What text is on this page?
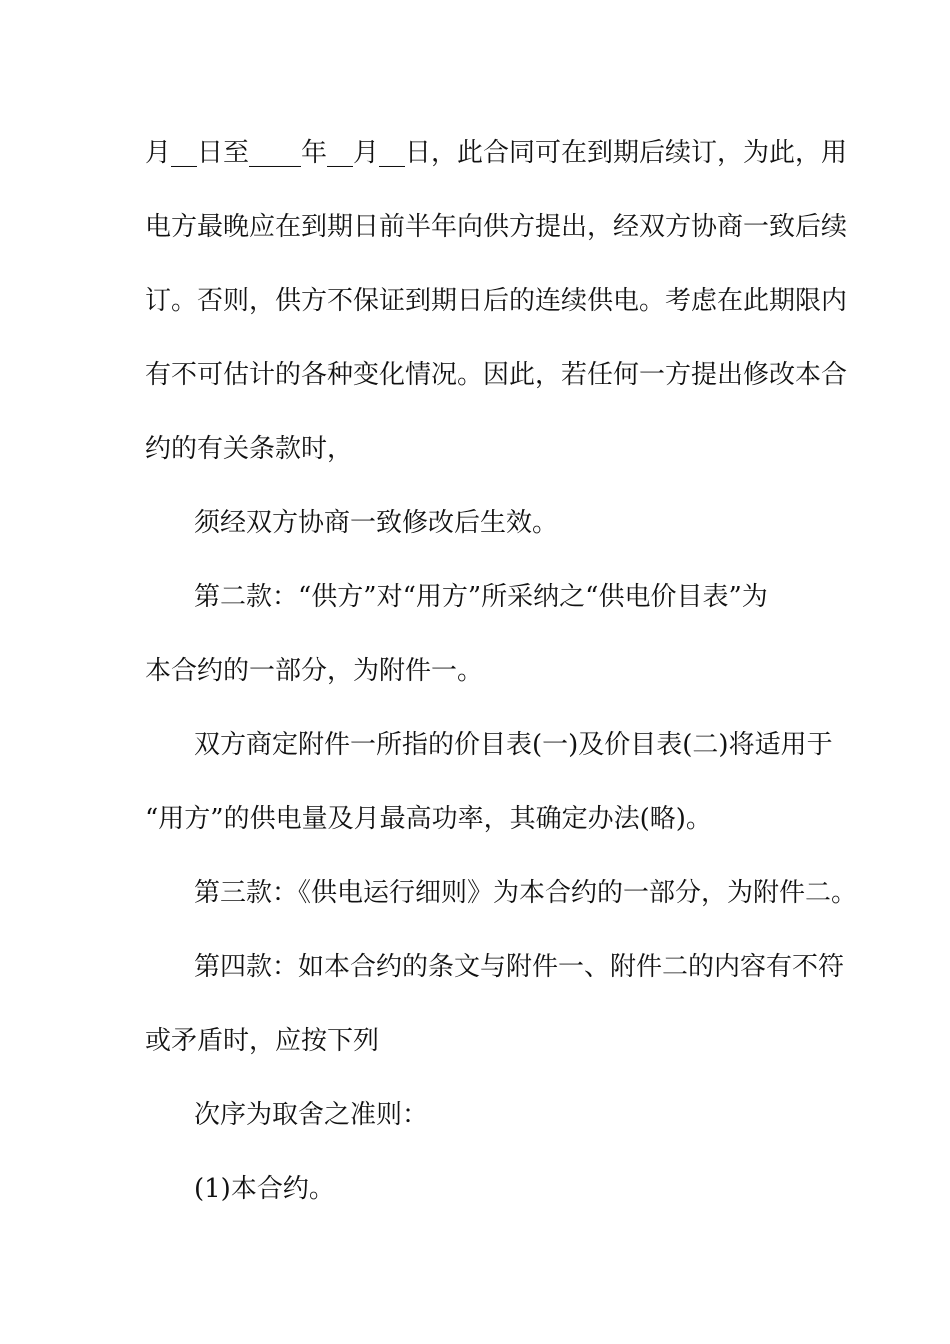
月__日至____年__月__日，此合同可在到期后续订，为此，用
电方最晚应在到期日前半年向供方提出，经双方协商一致后续
订。否则，供方不保证到期日后的连续供电。考虑在此期限内
有不可估计的各种变化情况。因此，若任何一方提出修改本合
约的有关条款时，
须经双方协商一致修改后生效。
第二款：“供方”对“用方”所采纳之“供电价目表”为
本合约的一部分，为附件一。
双方商定附件一所指的价目表(一)及价目表(二)将适用于
“用方”的供电量及月最高功率，其确定办法(略)。
第三款：《供电运行细则》为本合约的一部分，为附件二。
第四款：如本合约的条文与附件一、附件二的内容有不符
或矛盾时，应按下列
次序为取舍之准则：
(1)本合约。
